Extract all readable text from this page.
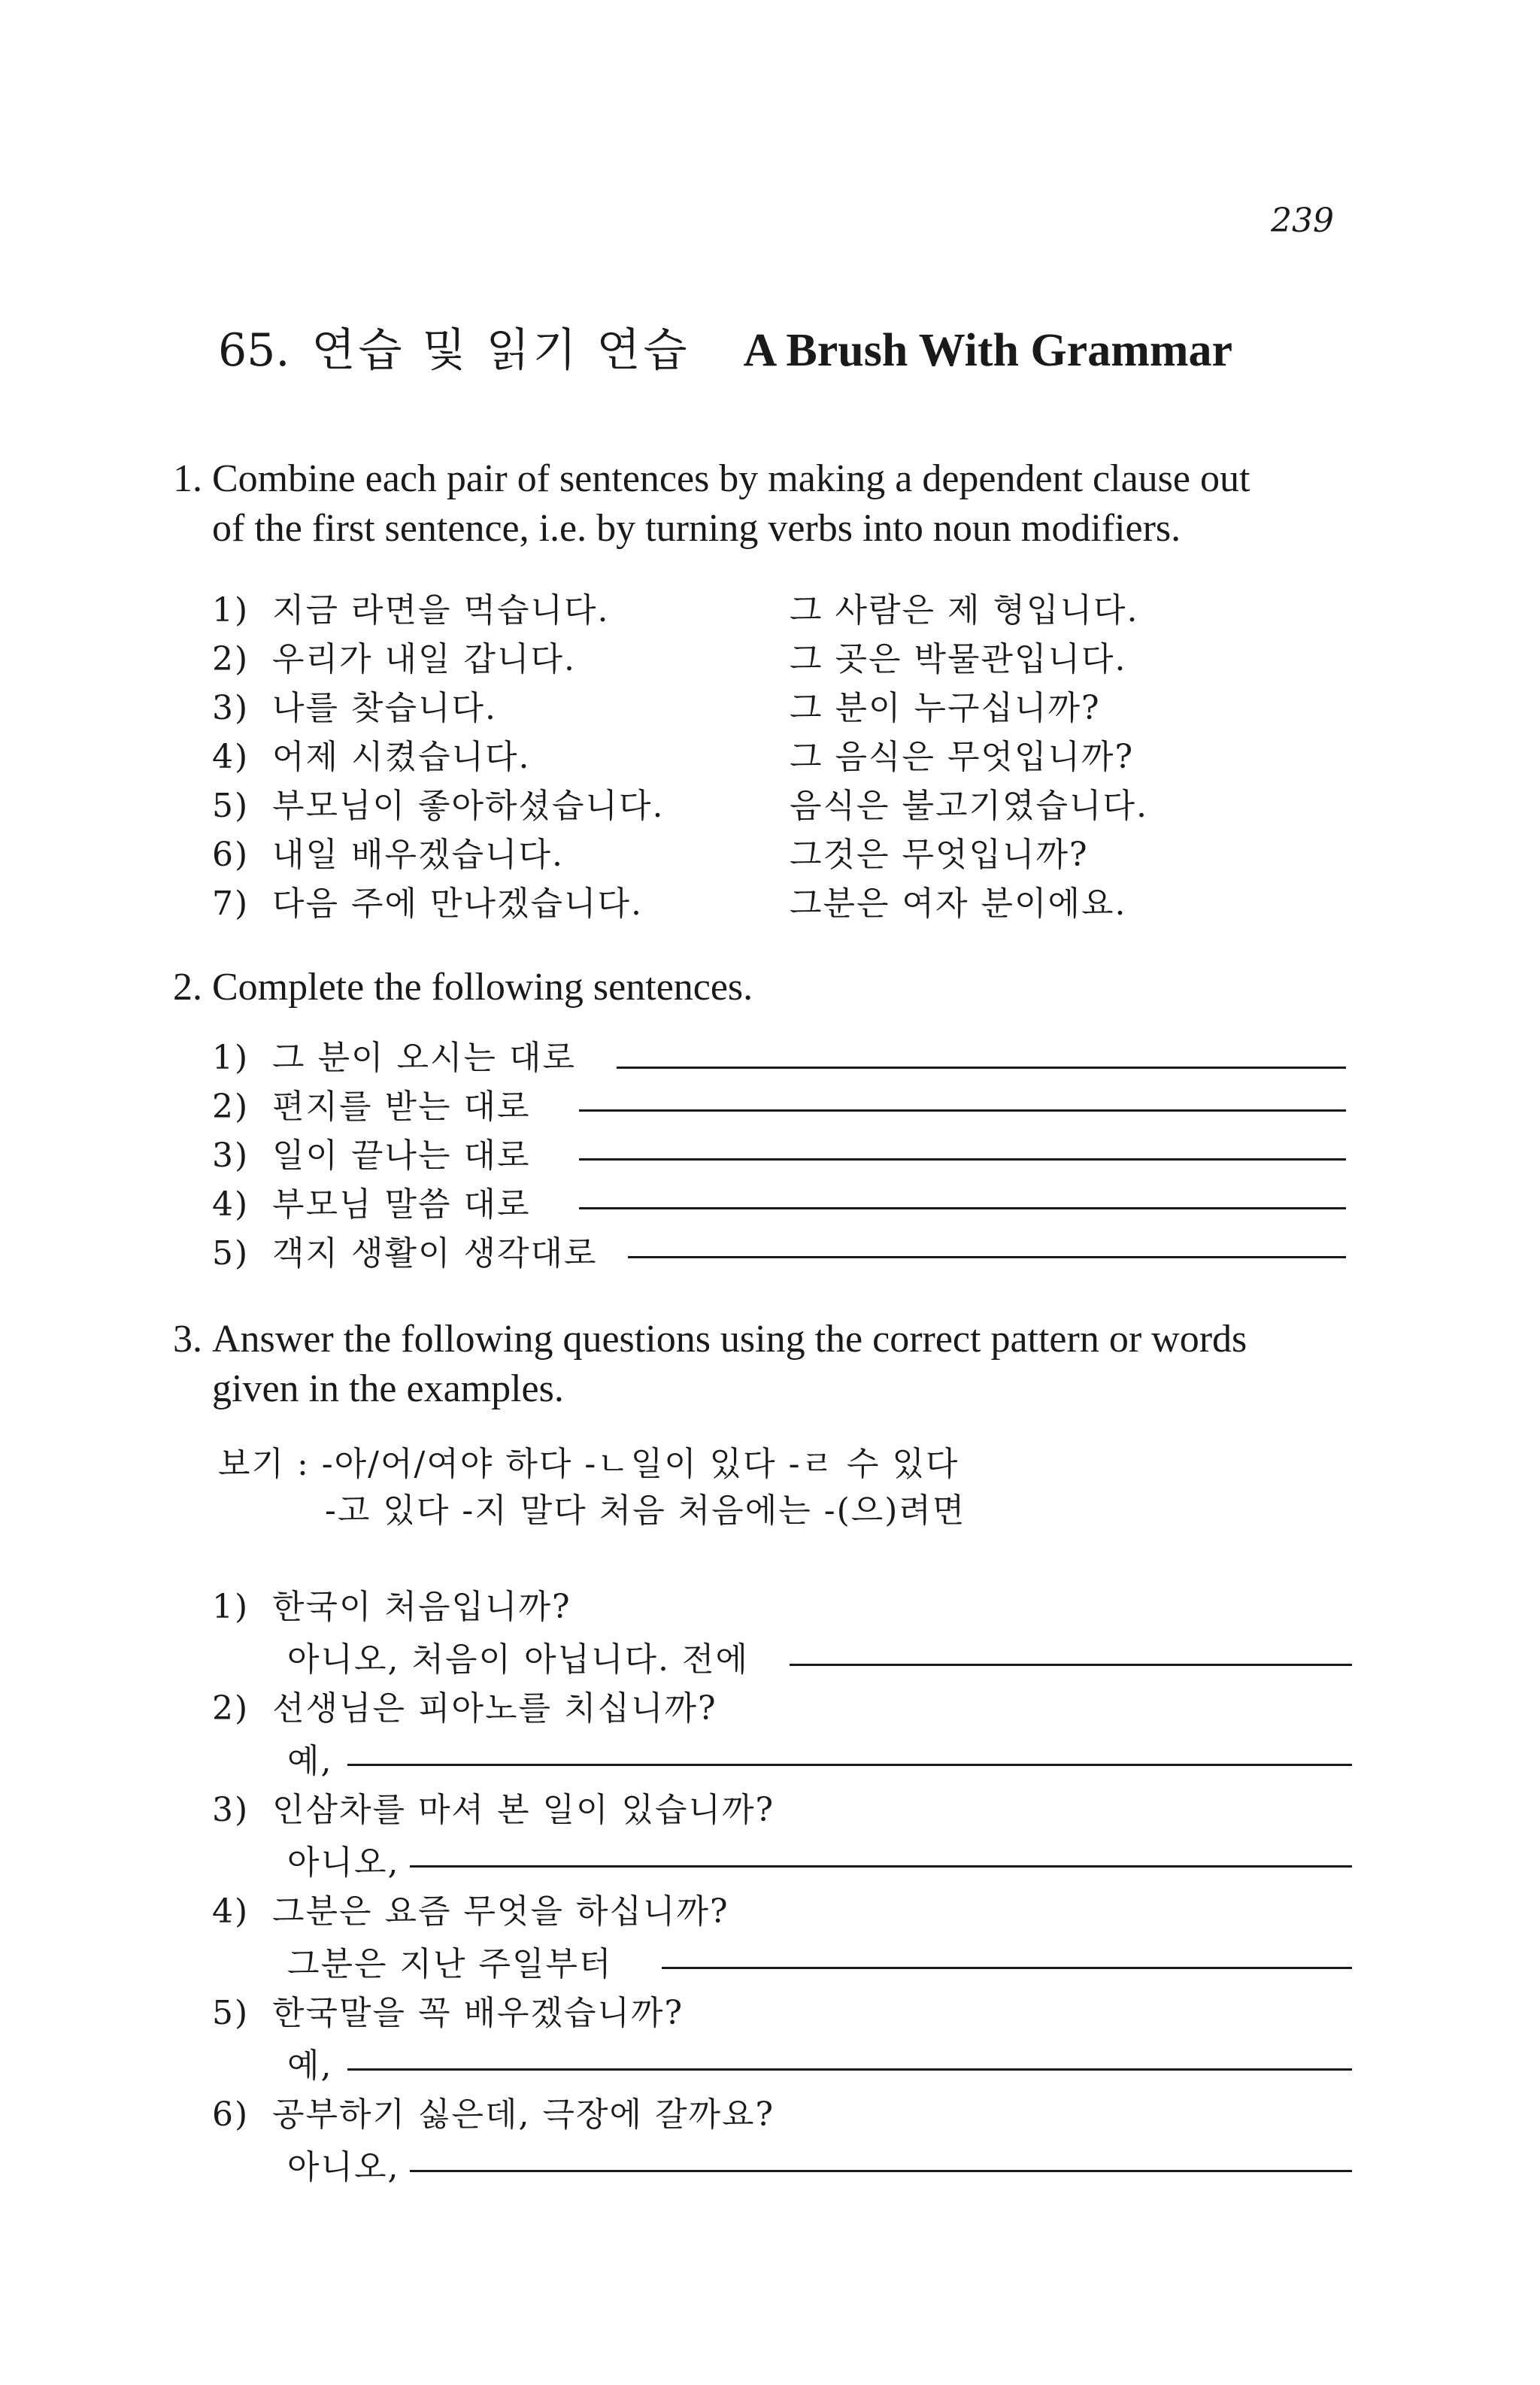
239
65. 연습 및 읽기 연습 A Brush With Grammar
1. Combine each pair of sentences by making a dependent clause out
of the first sentence, i.e. by turning verbs into noun modifiers.
1) 지금 라면을 먹습니다.	그 사람은 제 형입니다.
2) 우리가 내일 갑니다.	그 곳은 박물관입니다.
3) 나를 찾습니다.	그 분이 누구십니까?
4) 어제 시켰습니다.	그 음식은 무엇입니까?
5) 부모님이 좋아하셨습니다.	음식은 불고기였습니다.
6) 내일 배우겠습니다.	그것은 무엇입니까?
7) 다음 주에 만나겠습니다.	그분은 여자 분이에요.
2. Complete the following sentences.
1) 그 분이 오시는 대로
2) 편지를 받는 대로
3) 일이 끝나는 대로
4) 부모님 말씀 대로
5) 객지 생활이 생각대로
3. Answer the following questions using the correct pattern or words
given in the examples.
보기 : -아/어/여야 하다 -ㄴ일이 있다 -ㄹ 수 있다
-고 있다 -지 말다 처음 처음에는 -(으)려면
1) 한국이 처음입니까?
아니오, 처음이 아닙니다. 전에
2) 선생님은 피아노를 치십니까?
예,
3) 인삼차를 마셔 본 일이 있습니까?
아니오,
4) 그분은 요즘 무엇을 하십니까?
그분은 지난 주일부터
5) 한국말을 꼭 배우겠습니까?
예,
6) 공부하기 싫은데, 극장에 갈까요?
아니오,
